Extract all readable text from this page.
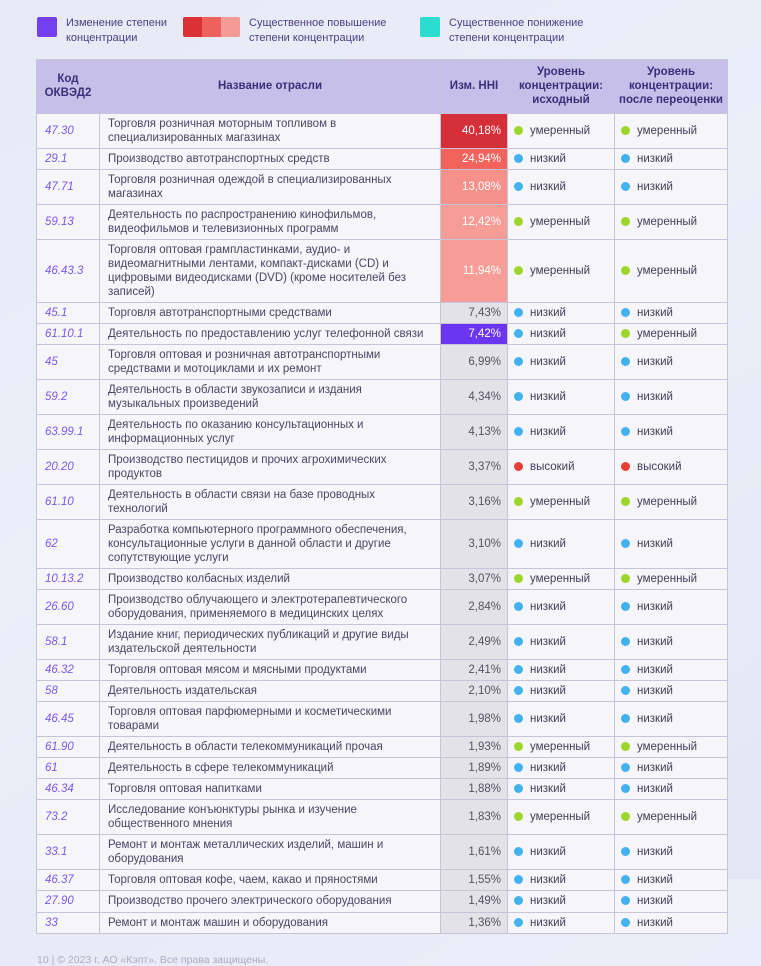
Изменение степени концентрации
Существенное повышение степени концентрации
Существенное понижение степени концентрации
Код ОКВЭД2	Название отрасли	Изм. HHI	Уровень концентрации: исходный	Уровень концентрации: после переоценки
47.30	Торговля розничная моторным топливом в специализированных магазинах	40,18%	умеренный	умеренный
29.1	Производство автотранспортных средств	24,94%	низкий	низкий
47.71	Торговля розничная одеждой в специализированных магазинах	13,08%	низкий	низкий
59.13	Деятельность по распространению кинофильмов, видеофильмов и телевизионных программ	12,42%	умеренный	умеренный
46.43.3	Торговля оптовая грампластинками, аудио- и видеомагнитными лентами, компакт-дисками (CD) и цифровыми видеодисками (DVD) (кроме носителей без записей)	11,94%	умеренный	умеренный
45.1	Торговля автотранспортными средствами	7,43%	низкий	низкий
61.10.1	Деятельность по предоставлению услуг телефонной связи	7,42%	низкий	умеренный
45	Торговля оптовая и розничная автотранспортными средствами и мотоциклами и их ремонт	6,99%	низкий	низкий
59.2	Деятельность в области звукозаписи и издания музыкальных произведений	4,34%	низкий	низкий
63.99.1	Деятельность по оказанию консультационных и информационных услуг	4,13%	низкий	низкий
20.20	Производство пестицидов и прочих агрохимических продуктов	3,37%	высокий	высокий
61.10	Деятельность в области связи на базе проводных технологий	3,16%	умеренный	умеренный
62	Разработка компьютерного программного обеспечения, консультационные услуги в данной области и другие сопутствующие услуги	3,10%	низкий	низкий
10.13.2	Производство колбасных изделий	3,07%	умеренный	умеренный
26.60	Производство облучающего и электротерапевтического оборудования, применяемого в медицинских целях	2,84%	низкий	низкий
58.1	Издание книг, периодических публикаций и другие виды издательской деятельности	2,49%	низкий	низкий
46.32	Торговля оптовая мясом и мясными продуктами	2,41%	низкий	низкий
58	Деятельность издательская	2,10%	низкий	низкий
46.45	Торговля оптовая парфюмерными и косметическими товарами	1,98%	низкий	низкий
61.90	Деятельность в области телекоммуникаций прочая	1,93%	умеренный	умеренный
61	Деятельность в сфере телекоммуникаций	1,89%	низкий	низкий
46.34	Торговля оптовая напитками	1,88%	низкий	низкий
73.2	Исследование конъюнктуры рынка и изучение общественного мнения	1,83%	умеренный	умеренный
33.1	Ремонт и монтаж металлических изделий, машин и оборудования	1,61%	низкий	низкий
46.37	Торговля оптовая кофе, чаем, какао и пряностями	1,55%	низкий	низкий
27.90	Производство прочего электрического оборудования	1,49%	низкий	низкий
33	Ремонт и монтаж машин и оборудования	1,36%	низкий	низкий
10 | © 2023 г. АО «Кэпт». Все права защищены.
